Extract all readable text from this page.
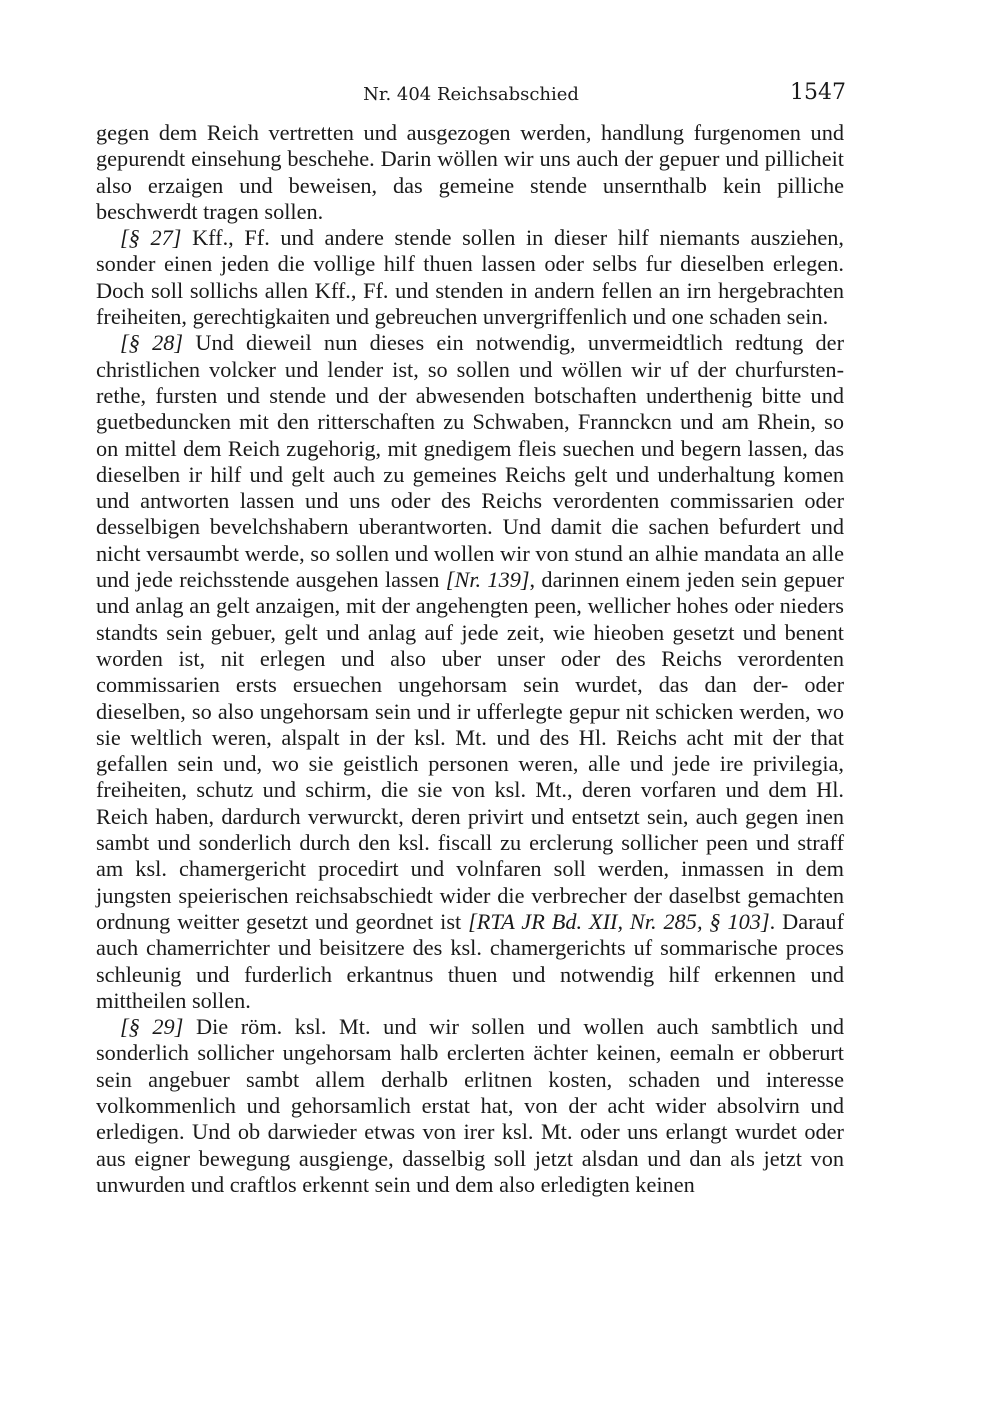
Nr. 404 Reichsabschied	1547

gegen dem Reich vertretten und ausgezogen werden, handlung furgenomen und gepurendt einsehung beschehe. Darin wöllen wir uns auch der gepuer und pillicheit also erzaigen und beweisen, das gemeine stende unsernthalb kein pilliche beschwerdt tragen sollen.

[§ 27] Kff., Ff. und andere stende sollen in dieser hilf niemants ausziehen, sonder einen jeden die vollige hilf thuen lassen oder selbs fur dieselben erlegen. Doch soll sollichs allen Kff., Ff. und stenden in andern fellen an irn hergebrachten freiheiten, gerechtigkaiten und gebreuchen unvergriffenlich und one schaden sein.

[§ 28] Und dieweil nun dieses ein notwendig, unvermeidtlich redtung der christlichen volcker und lender ist, so sollen und wöllen wir uf der churfurstenrethe, fursten und stende und der abwesenden botschaften underthenig bitte und guetbeduncken mit den ritterschaften zu Schwaben, Frannckcn und am Rhein, so on mittel dem Reich zugehorig, mit gnedigem fleis suechen und begern lassen, das dieselben ir hilf und gelt auch zu gemeines Reichs gelt und underhaltung komen und antworten lassen und uns oder des Reichs verordenten commissarien oder desselbigen bevelchshabern uberantworten. Und damit die sachen befurdert und nicht versaumbt werde, so sollen und wollen wir von stund an alhie mandata an alle und jede reichsstende ausgehen lassen [Nr. 139], darinnen einem jeden sein gepuer und anlag an gelt anzaigen, mit der angehengten peen, wellicher hohes oder nieders standts sein gebuer, gelt und anlag auf jede zeit, wie hieoben gesetzt und benent worden ist, nit erlegen und also uber unser oder des Reichs verordenten commissarien ersts ersuechen ungehorsam sein wurdet, das dan der- oder dieselben, so also ungehorsam sein und ir ufferlegte gepur nit schicken werden, wo sie weltlich weren, alspalt in der ksl. Mt. und des Hl. Reichs acht mit der that gefallen sein und, wo sie geistlich personen weren, alle und jede ire privilegia, freiheiten, schutz und schirm, die sie von ksl. Mt., deren vorfaren und dem Hl. Reich haben, dardurch verwurckt, deren privirt und entsetzt sein, auch gegen inen sambt und sonderlich durch den ksl. fiscall zu erclerung sollicher peen und straff am ksl. chamergericht procedirt und volnfaren soll werden, inmassen in dem jungsten speierischen reichsabschiedt wider die verbrecher der daselbst gemachten ordnung weitter gesetzt und geordnet ist [RTA JR Bd. XII, Nr. 285, § 103]. Darauf auch chamerrichter und beisitzere des ksl. chamergerichts uf sommarische proces schleunig und furderlich erkantnus thuen und notwendig hilf erkennen und mittheilen sollen.

[§ 29] Die röm. ksl. Mt. und wir sollen und wollen auch sambtlich und sonderlich sollicher ungehorsam halb erclerten ächter keinen, eemaln er obberurt sein angebuer sambt allem derhalb erlitnen kosten, schaden und interesse volkommenlich und gehorsamlich erstat hat, von der acht wider absolvirn und erledigen. Und ob darwieder etwas von irer ksl. Mt. oder uns erlangt wurdet oder aus eigner bewegung ausgienge, dasselbig soll jetzt alsdan und dan als jetzt von unwurden und craftlos erkennt sein und dem also erledigten keinen
